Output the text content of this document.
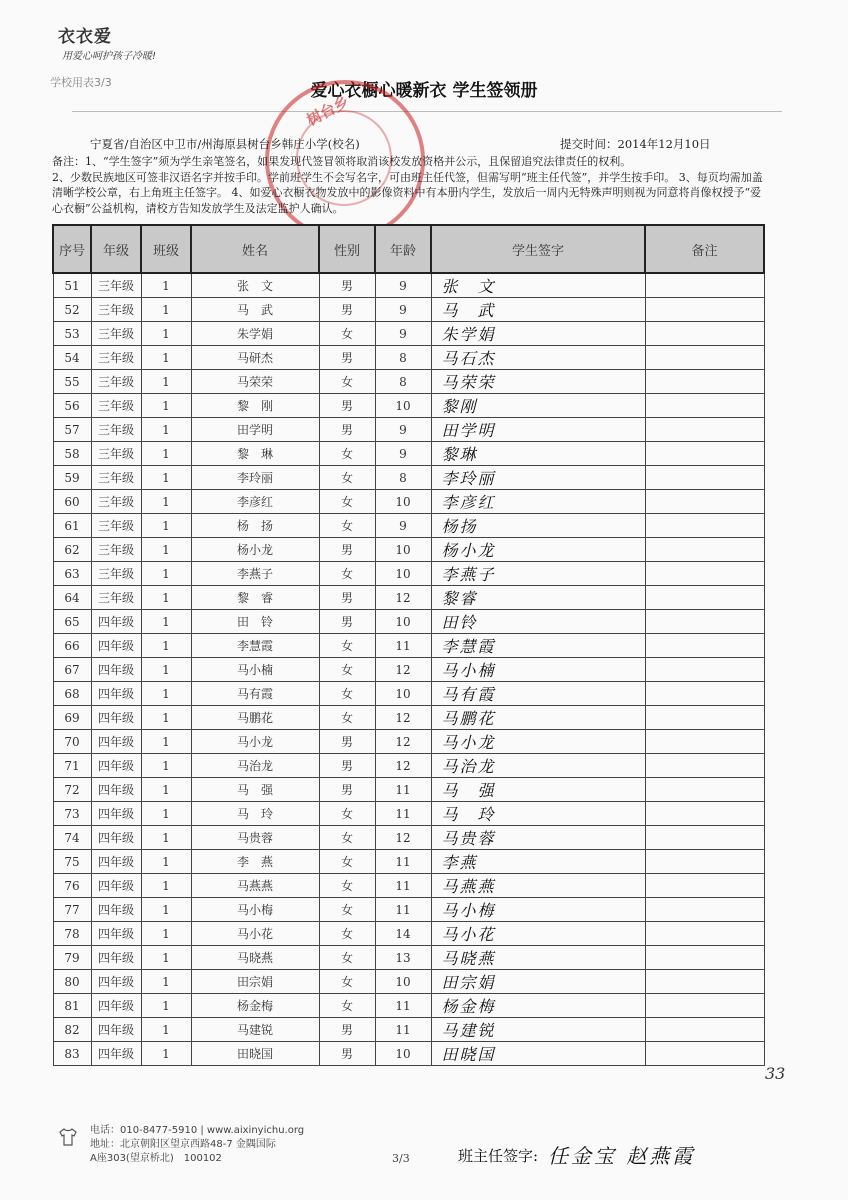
衣衣爱
用爱心呵护孩子冷暖!
学校用表3/3	爱心衣橱心暖新衣 学生签领册
树台乡
宁夏省/自治区中卫市/州海原县树台乡韩庄小学(校名)	提交时间：2014年12月10日

备注：1、“学生签字”须为学生亲笔签名，如果发现代签冒领将取消该校发放资格并公示，且保留追究法律责任的权利。

2、少数民族地区可签非汉语名字并按手印。学前班学生不会写名字，可由班主任代签，但需写明“班主任代签”，并学生按手印。 3、每页均需加盖清晰学校公章，右上角班主任签字。 4、如爱心衣橱衣物发放中的影像资料中有本册内学生，发放后一周内无特殊声明则视为同意将肖像权授予“爱心衣橱”公益机构，请校方告知发放学生及法定监护人确认。

序号	年级	班级	姓名	性别	年龄	学生签字	备注
51	三年级	1	张　文	男	9	张　文	
52	三年级	1	马　武	男	9	马　武	
53	三年级	1	朱学娟	女	9	朱学娟	
54	三年级	1	马研杰	男	8	马石杰	
55	三年级	1	马荣荣	女	8	马荣荣	
56	三年级	1	黎　刚	男	10	黎刚	
57	三年级	1	田学明	男	9	田学明	
58	三年级	1	黎　琳	女	9	黎琳	
59	三年级	1	李玲丽	女	8	李玲丽	
60	三年级	1	李彦红	女	10	李彦红	
61	三年级	1	杨　扬	女	9	杨扬	
62	三年级	1	杨小龙	男	10	杨小龙	
63	三年级	1	李燕子	女	10	李燕子	
64	三年级	1	黎　睿	男	12	黎睿	
65	四年级	1	田　铃	男	10	田铃	
66	四年级	1	李慧霞	女	11	李慧霞	
67	四年级	1	马小楠	女	12	马小楠	
68	四年级	1	马有霞	女	10	马有霞	
69	四年级	1	马鹏花	女	12	马鹏花	
70	四年级	1	马小龙	男	12	马小龙	
71	四年级	1	马治龙	男	12	马治龙	
72	四年级	1	马　强	男	11	马　强	
73	四年级	1	马　玲	女	11	马　玲	
74	四年级	1	马贵蓉	女	12	马贵蓉	
75	四年级	1	李　燕	女	11	李燕	
76	四年级	1	马燕燕	女	11	马燕燕	
77	四年级	1	马小梅	女	11	马小梅	
78	四年级	1	马小花	女	14	马小花	
79	四年级	1	马晓燕	女	13	马晓燕	
80	四年级	1	田宗娟	女	10	田宗娟	
81	四年级	1	杨金梅	女	11	杨金梅	
82	四年级	1	马建锐	男	11	马建锐	
83	四年级	1	田晓国	男	10	田晓国	
33
电话：010-8477-5910 | www.aixinyichu.org
地址：北京朝阳区望京西路48-7 金隅国际
A座303(望京桥北)　100102	3/3	班主任签字: 任金宝 赵燕霞
